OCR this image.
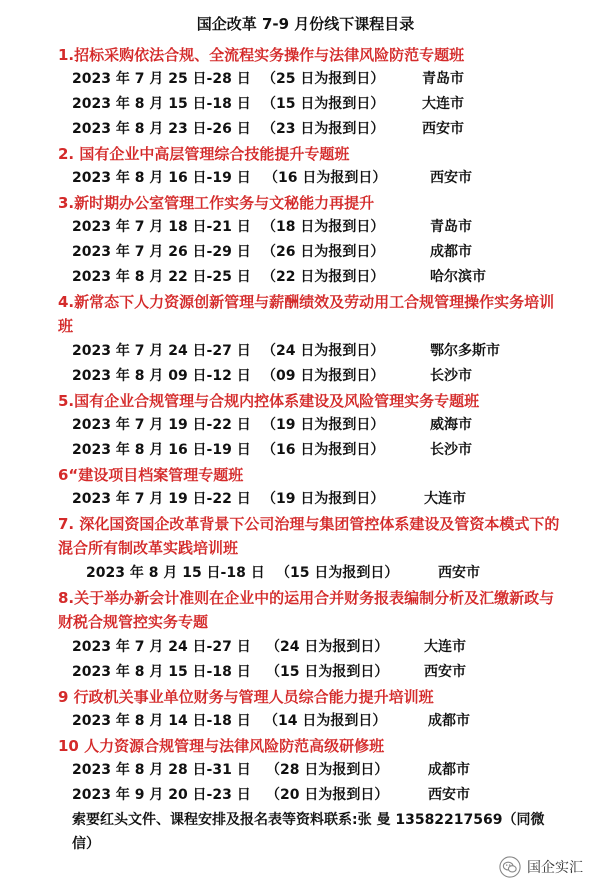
国企改革 7-9 月份线下课程目录
1.招标采购依法合规、全流程实务操作与法律风险防范专题班
2023 年 7 月 25 日-28 日 （25 日为报到日）	青岛市
2023 年 8 月 15 日-18 日 （15 日为报到日）	大连市
2023 年 8 月 23 日-26 日 （23 日为报到日）	西安市
2. 国有企业中高层管理综合技能提升专题班
2023 年 8 月 16 日-19 日 （16 日为报到日）	西安市
3.新时期办公室管理工作实务与文秘能力再提升
2023 年 7 月 18 日-21 日 （18 日为报到日）	青岛市
2023 年 7 月 26 日-29 日 （26 日为报到日）	成都市
2023 年 8 月 22 日-25 日 （22 日为报到日）	哈尔滨市
4.新常态下人力资源创新管理与薪酬绩效及劳动用工合规管理操作实务培训班
2023 年 7 月 24 日-27 日 （24 日为报到日）	鄂尔多斯市
2023 年 8 月 09 日-12 日 （09 日为报到日）	长沙市
5.国有企业合规管理与合规内控体系建设及风险管理实务专题班
2023 年 7 月 19 日-22 日 （19 日为报到日）	威海市
2023 年 8 月 16 日-19 日 （16 日为报到日）	长沙市
6“建设项目档案管理专题班
2023 年 7 月 19 日-22 日 （19 日为报到日）	大连市
7. 深化国资国企改革背景下公司治理与集团管控体系建设及管资本模式下的混合所有制改革实践培训班
2023 年 8 月 15 日-18 日 （15 日为报到日）	西安市
8.关于举办新会计准则在企业中的运用合并财务报表编制分析及汇缴新政与财税合规管控实务专题
2023 年 7 月 24 日-27 日 （24 日为报到日）	大连市
2023 年 8 月 15 日-18 日 （15 日为报到日）	西安市
9 行政机关事业单位财务与管理人员综合能力提升培训班
2023 年 8 月 14 日-18 日 （14 日为报到日）	成都市
10 人力资源合规管理与法律风险防范高级研修班
2023 年 8 月 28 日-31 日 （28 日为报到日）	成都市
2023 年 9 月 20 日-23 日 （20 日为报到日）	西安市
索要红头文件、课程安排及报名表等资料联系:张 曼 13582217569（同微信）
国企实汇
